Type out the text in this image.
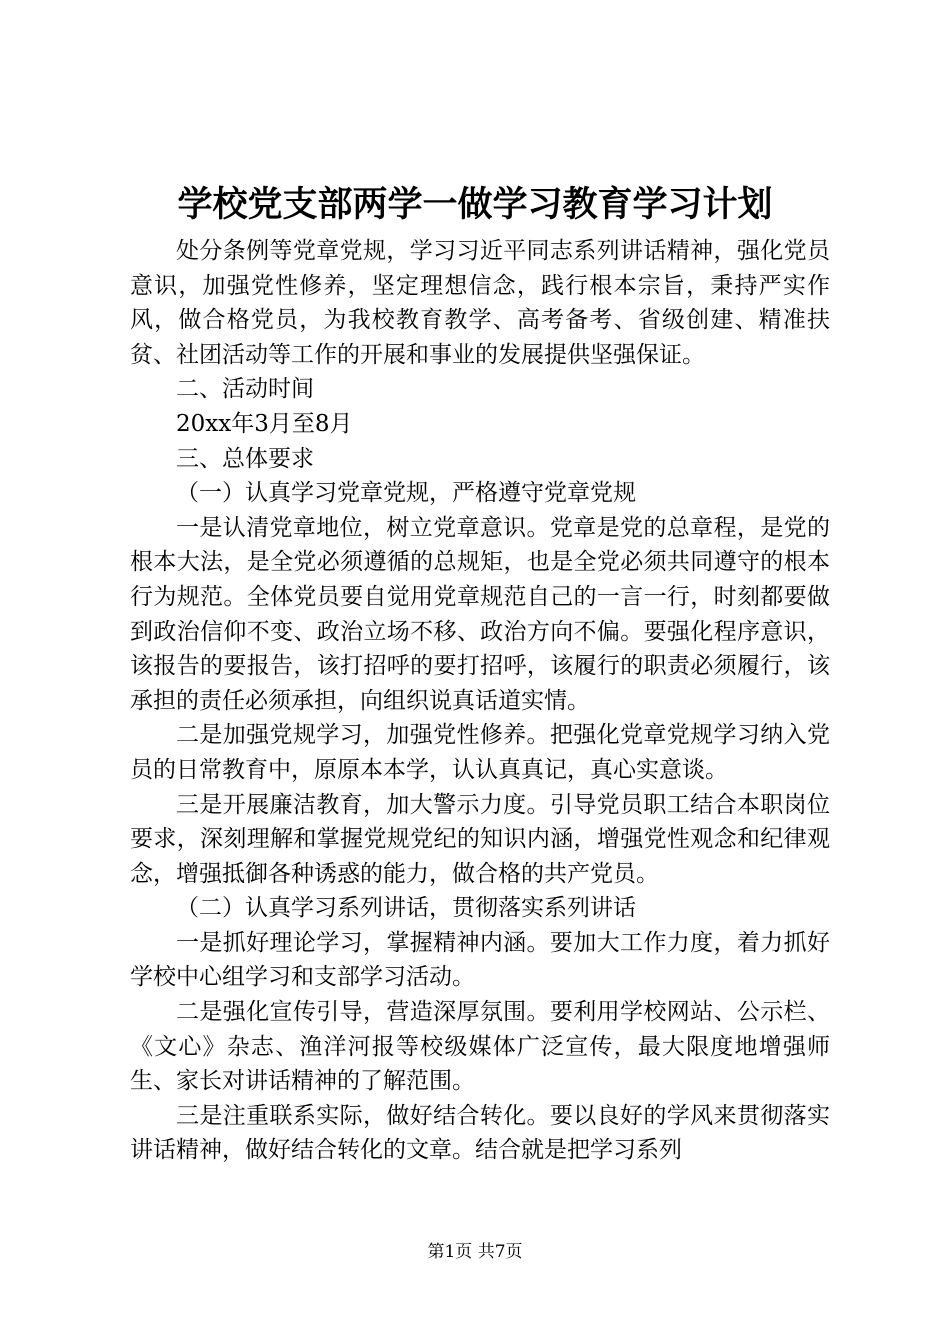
学校党支部两学一做学习教育学习计划

处分条例等党章党规，学习习近平同志系列讲话精神，强化党员意识，加强党性修养，坚定理想信念，践行根本宗旨，秉持严实作风，做合格党员，为我校教育教学、高考备考、省级创建、精准扶贫、社团活动等工作的开展和事业的发展提供坚强保证。

二、活动时间

20xx年3月至8月

三、总体要求

（一）认真学习党章党规，严格遵守党章党规

一是认清党章地位，树立党章意识。党章是党的总章程，是党的根本大法，是全党必须遵循的总规矩，也是全党必须共同遵守的根本行为规范。全体党员要自觉用党章规范自己的一言一行，时刻都要做到政治信仰不变、政治立场不移、政治方向不偏。要强化程序意识，该报告的要报告，该打招呼的要打招呼，该履行的职责必须履行，该承担的责任必须承担，向组织说真话道实情。

二是加强党规学习，加强党性修养。把强化党章党规学习纳入党员的日常教育中，原原本本学，认认真真记，真心实意谈。

三是开展廉洁教育，加大警示力度。引导党员职工结合本职岗位要求，深刻理解和掌握党规党纪的知识内涵，增强党性观念和纪律观念，增强抵御各种诱惑的能力，做合格的共产党员。

（二）认真学习系列讲话，贯彻落实系列讲话

一是抓好理论学习，掌握精神内涵。要加大工作力度，着力抓好学校中心组学习和支部学习活动。

二是强化宣传引导，营造深厚氛围。要利用学校网站、公示栏、《文心》杂志、渔洋河报等校级媒体广泛宣传，最大限度地增强师生、家长对讲话精神的了解范围。

三是注重联系实际，做好结合转化。要以良好的学风来贯彻落实讲话精神，做好结合转化的文章。结合就是把学习系列

第1页 共7页
